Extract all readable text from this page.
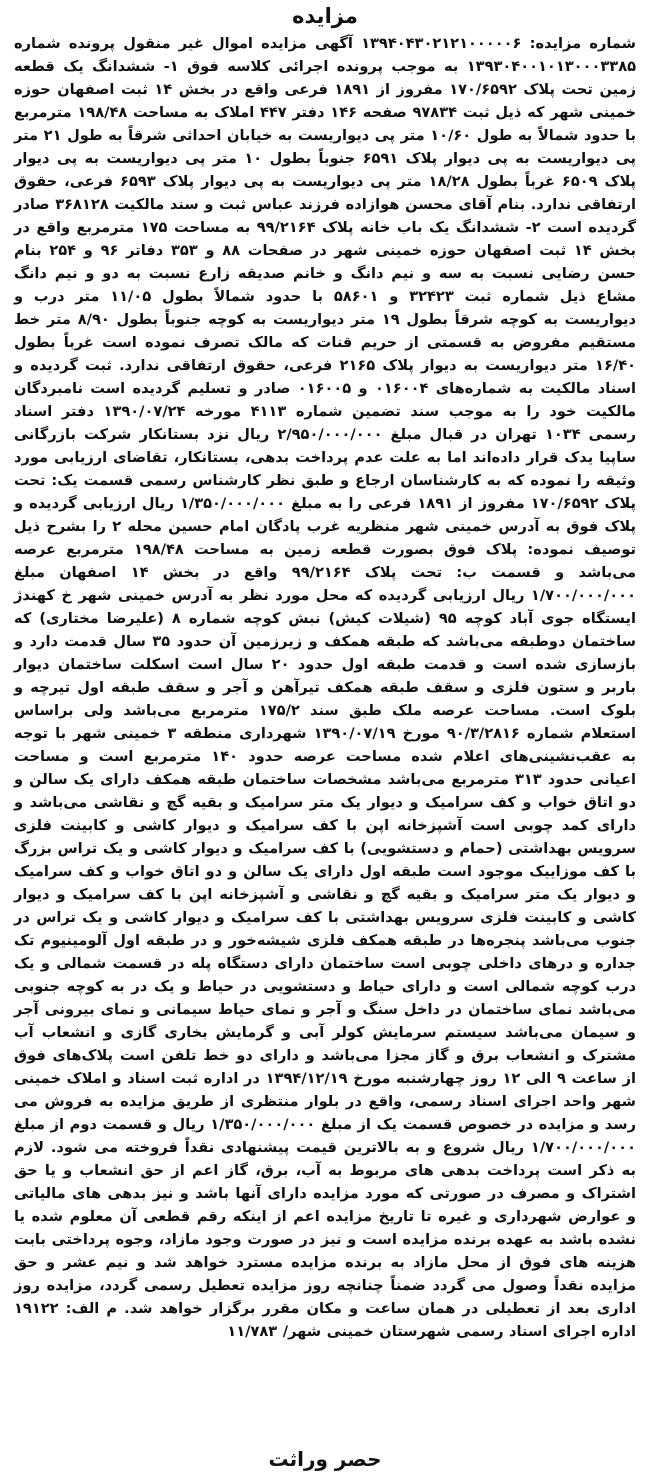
مزایده

شماره مزایده: ۱۳۹۴۰۴۳۰۲۱۲۱۰۰۰۰۰۶ آگهی مزایده اموال غیر منقول پرونده شماره ۱۳۹۳۰۴۰۰۱۰۱۳۰۰۰۳۳۸۵ به موجب پرونده اجرائی کلاسه فوق ۱- ششدانگ یک قطعه زمین تحت پلاک ۱۷۰/۶۵۹۲ مفروز از ۱۸۹۱ فرعی واقع در بخش ۱۴ ثبت اصفهان حوزه خمینی شهر که ذیل ثبت ۹۷۸۳۴ صفحه ۱۴۶ دفتر ۴۴۷ املاک به مساحت ۱۹۸/۴۸ مترمربع با حدود شمالاً به طول ۱۰/۶۰ متر پی دیواریست به خیابان احداثی شرقاً به طول ۲۱ متر پی دیواریست به پی دیوار پلاک ۶۵۹۱ جنوباً بطول ۱۰ متر پی دیواریست به پی دیوار پلاک ۶۵۰۹ غرباً بطول ۱۸/۲۸ متر پی دیواریست به پی دیوار پلاک ۶۵۹۳ فرعی، حقوق ارتفاقی ندارد. بنام آقای محسن هوازاده فرزند عباس ثبت و سند مالکیت ۳۶۸۱۲۸ صادر گردیده است ۲- ششدانگ یک باب خانه پلاک ۹۹/۲۱۶۴ به مساحت ۱۷۵ مترمربع واقع در بخش ۱۴ ثبت اصفهان حوزه خمینی شهر در صفحات ۸۸ و ۳۵۳ دفاتر ۹۶ و ۲۵۴ بنام حسن رضایی نسبت به سه و نیم دانگ و خانم صدیقه زارع نسبت به دو و نیم دانگ مشاع ذیل شماره ثبت ۳۲۴۲۳ و ۵۸۶۰۱ با حدود شمالاً بطول ۱۱/۰۵ متر درب و دیواریست به کوچه شرقاً بطول ۱۹ متر دیواریست به کوچه جنوباً بطول ۸/۹۰ متر خط مستقیم مفروض به قسمتی از حریم قنات که مالک تصرف نموده است غرباً بطول ۱۶/۴۰ متر دیواریست به دیوار پلاک ۲۱۶۵ فرعی، حقوق ارتفاقی ندارد. ثبت گردیده و اسناد مالکیت به شماره‌های ۰۱۶۰۰۴ و ۰۱۶۰۰۵ صادر و تسلیم گردیده است نامبردگان مالکیت خود را به موجب سند تضمین شماره ۴۱۱۳ مورخه ۱۳۹۰/۰۷/۲۴ دفتر اسناد رسمی ۱۰۳۴ تهران در قبال مبلغ ۲/۹۵۰/۰۰۰/۰۰۰ ریال نزد بستانکار شرکت بازرگانی ساپیا یدک قرار داده‌اند اما به علت عدم پرداخت بدهی، بستانکار، تقاضای ارزیابی مورد وثیقه را نموده که به کارشناسان ارجاع و طبق نظر کارشناس رسمی قسمت یک: تحت پلاک ۱۷۰/۶۵۹۲ مفروز از ۱۸۹۱ فرعی را به مبلغ ۱/۳۵۰/۰۰۰/۰۰۰ ریال ارزیابی گردیده و پلاک فوق به آدرس خمینی شهر منظریه غرب پادگان امام حسین محله ۲ را بشرح ذیل توصیف نموده: پلاک فوق بصورت قطعه زمین به مساحت ۱۹۸/۴۸ مترمربع عرصه می‌باشد و قسمت ب: تحت پلاک ۹۹/۲۱۶۴ واقع در بخش ۱۴ اصفهان مبلغ ۱/۷۰۰/۰۰۰/۰۰۰ ریال ارزیابی گردیده که محل مورد نظر به آدرس خمینی شهر خ کهندژ ایستگاه جوی آباد کوچه ۹۵ (شیلات کیش) نبش کوچه شماره ۸ (علیرضا مختاری) که ساختمان دوطبقه می‌باشد که طبقه همکف و زیرزمین آن حدود ۳۵ سال قدمت دارد و بازسازی شده است و قدمت طبقه اول حدود ۲۰ سال است اسکلت ساختمان دیوار باربر و ستون فلزی و سقف طبقه همکف تیرآهن و آجر و سقف طبقه اول تیرچه و بلوک است. مساحت عرصه ملک طبق سند ۱۷۵/۲ مترمربع می‌باشد ولی براساس استعلام شماره ۹۰/۳/۲۸۱۶ مورخ ۱۳۹۰/۰۷/۱۹ شهرداری منطقه ۳ خمینی شهر با توجه به عقب‌نشینی‌های اعلام شده مساحت عرصه حدود ۱۴۰ مترمربع است و مساحت اعیانی حدود ۳۱۳ مترمربع می‌باشد مشخصات ساختمان طبقه همکف دارای یک سالن و دو اتاق خواب و کف سرامیک و دیوار یک متر سرامیک و بقیه گچ و نقاشی می‌باشد و دارای کمد چوبی است آشپزخانه اپن با کف سرامیک و دیوار کاشی و کابینت فلزی سرویس بهداشتی (حمام و دستشویی) با کف سرامیک و دیوار کاشی و یک تراس بزرگ با کف موزاییک موجود است طبقه اول دارای یک سالن و دو اتاق خواب و کف سرامیک و دیوار یک متر سرامیک و بقیه گچ و نقاشی و آشپزخانه اپن با کف سرامیک و دیوار کاشی و کابینت فلزی سرویس بهداشتی با کف سرامیک و دیوار کاشی و یک تراس در جنوب می‌باشد پنجره‌ها در طبقه همکف فلزی شیشه‌خور و در طبقه اول آلومینیوم تک جداره و درهای داخلی چوبی است ساختمان دارای دستگاه پله در قسمت شمالی و یک درب کوچه شمالی است و دارای حیاط و دستشویی در حیاط و یک در به کوچه جنوبی می‌باشد نمای ساختمان در داخل سنگ و آجر و نمای حیاط سیمانی و نمای بیرونی آجر و سیمان می‌باشد سیستم سرمایش کولر آبی و گرمایش بخاری گازی و انشعاب آب مشترک و انشعاب برق و گاز مجزا می‌باشد و دارای دو خط تلفن است پلاک‌های فوق از ساعت ۹ الی ۱۲ روز چهارشنبه مورخ ۱۳۹۴/۱۲/۱۹ در اداره ثبت اسناد و املاک خمینی شهر واحد اجرای اسناد رسمی، واقع در بلوار منتظری از طریق مزایده به فروش می رسد و مزایده در خصوص قسمت یک از مبلغ ۱/۳۵۰/۰۰۰/۰۰۰ ریال و قسمت دوم از مبلغ ۱/۷۰۰/۰۰۰/۰۰۰ ریال شروع و به بالاترین قیمت پیشنهادی نقداً فروخته می شود. لازم به ذکر است پرداخت بدهی های مربوط به آب، برق، گاز اعم از حق انشعاب و یا حق اشتراک و مصرف در صورتی که مورد مزایده دارای آنها باشد و نیز بدهی های مالیاتی و عوارض شهرداری و غیره تا تاریخ مزایده اعم از اینکه رقم قطعی آن معلوم شده یا نشده باشد به عهده برنده مزایده است و نیز در صورت وجود مازاد، وجوه پرداختی بابت هزینه های فوق از محل مازاد به برنده مزایده مسترد خواهد شد و نیم عشر و حق مزایده نقداً وصول می گردد ضمناً چنانچه روز مزایده تعطیل رسمی گردد، مزایده روز اداری بعد از تعطیلی در همان ساعت و مکان مقرر برگزار خواهد شد. م الف: ۱۹۱۲۲ اداره اجرای اسناد رسمی شهرستان خمینی شهر/ ۱۱/۷۸۳

حصر وراثت
